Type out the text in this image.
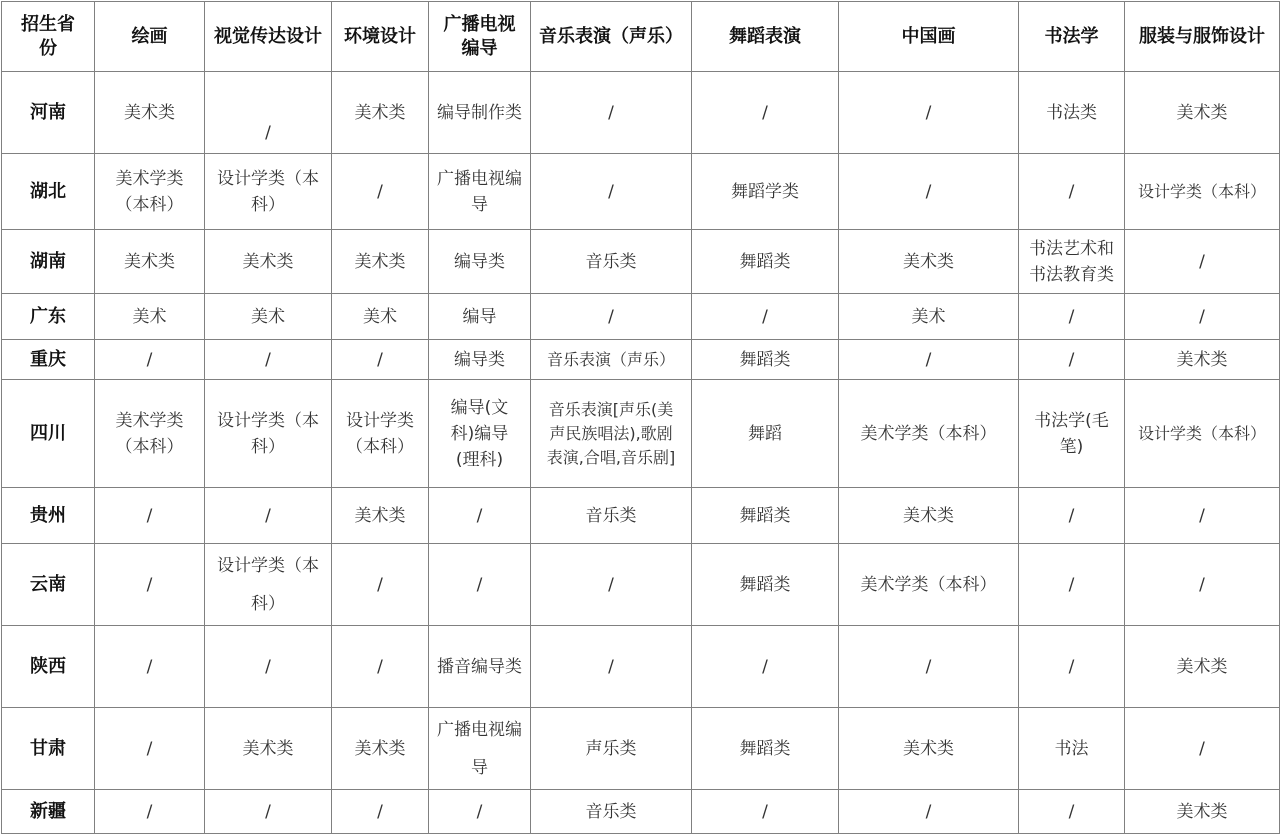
招生省份	绘画	视觉传达设计	环境设计	广播电视编导	音乐表演（声乐）	舞蹈表演	中国画	书法学	服装与服饰设计
河南	美术类	/	美术类	编导制作类	/	/	/	书法类	美术类
湖北	美术学类（本科）	设计学类（本科）	/	广播电视编导	/	舞蹈学类	/	/	设计学类（本科）
湖南	美术类	美术类	美术类	编导类	音乐类	舞蹈类	美术类	书法艺术和书法教育类	/
广东	美术	美术	美术	编导	/	/	美术	/	/
重庆	/	/	/	编导类	音乐表演（声乐）	舞蹈类	/	/	美术类
四川	美术学类（本科）	设计学类（本科）	设计学类（本科）	编导(文科)编导(理科)	音乐表演[声乐(美声民族唱法),歌剧表演,合唱,音乐剧]	舞蹈	美术学类（本科）	书法学(毛笔)	设计学类（本科）
贵州	/	/	美术类	/	音乐类	舞蹈类	美术类	/	/
云南	/	设计学类（本科）	/	/	/	舞蹈类	美术学类（本科）	/	/
陕西	/	/	/	播音编导类	/	/	/	/	美术类
甘肃	/	美术类	美术类	广播电视编导	声乐类	舞蹈类	美术类	书法	/
新疆	/	/	/	/	音乐类	/	/	/	美术类
